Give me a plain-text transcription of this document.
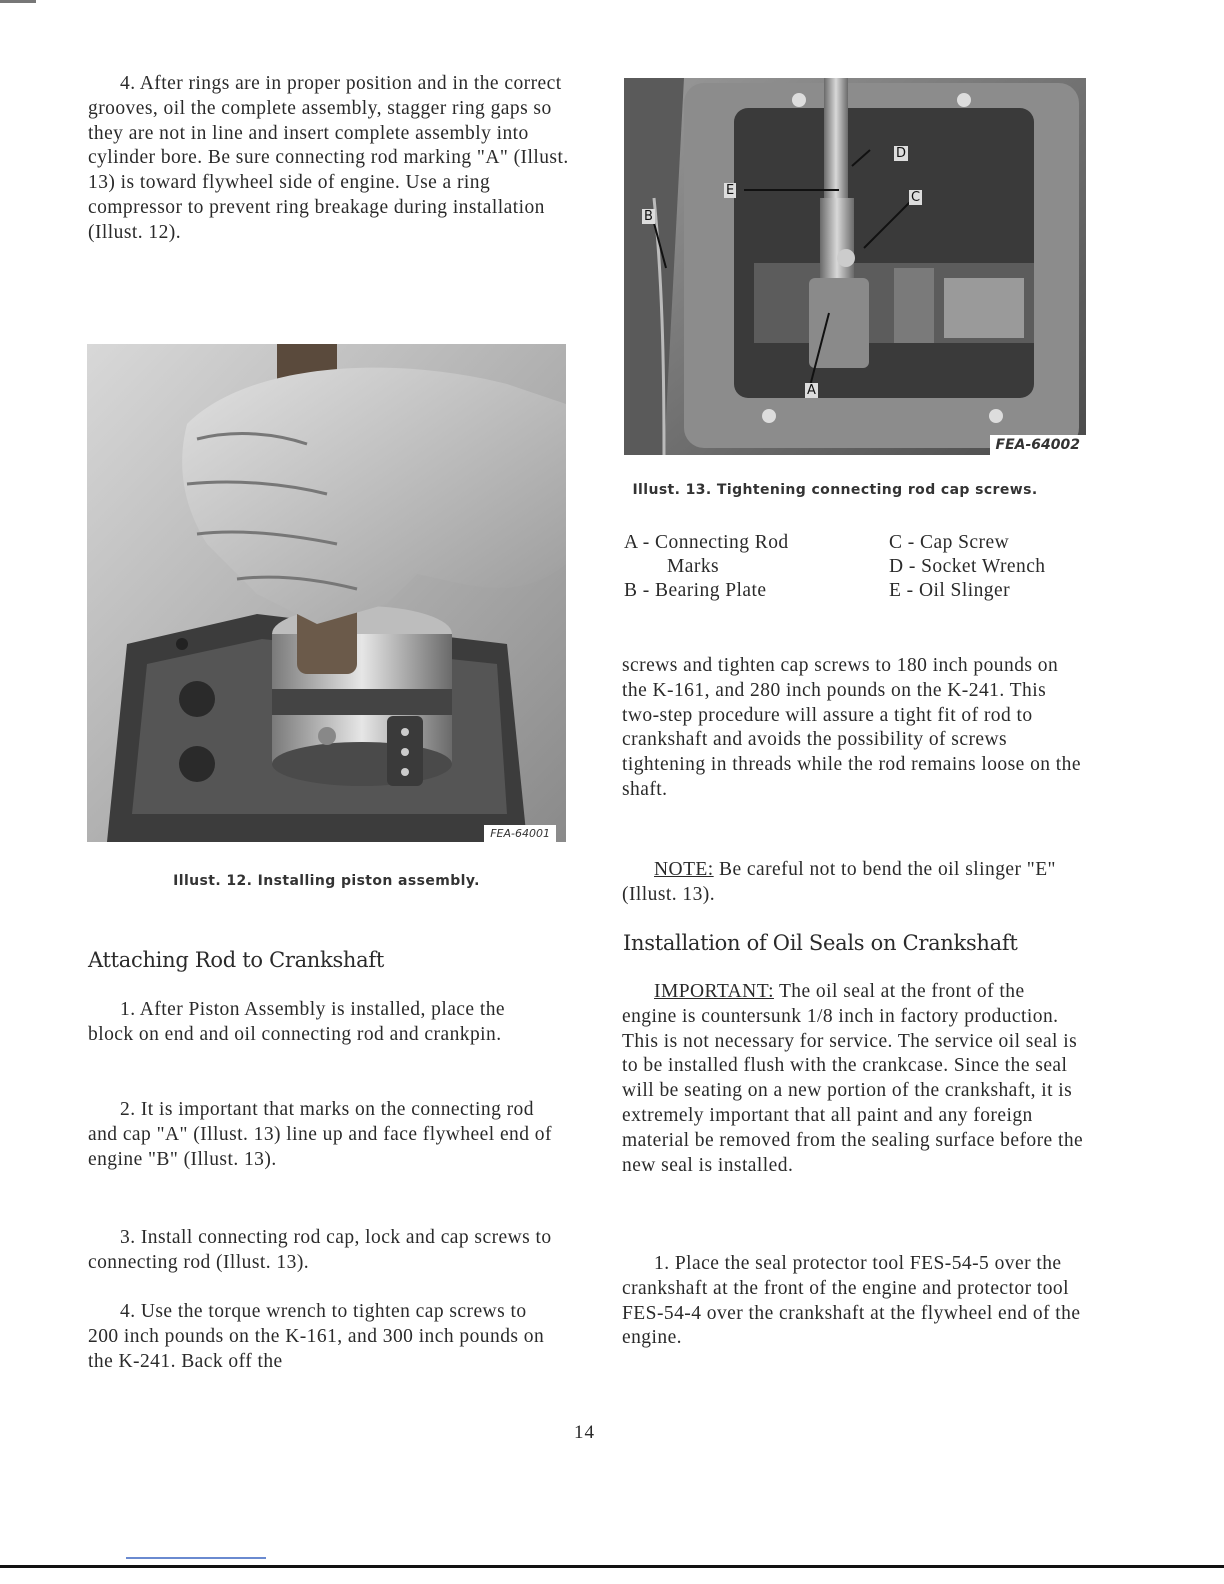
4. After rings are in proper position and in the correct grooves, oil the complete assembly, stagger ring gaps so they are not in line and insert complete assembly into cylinder bore. Be sure connecting rod marking "A" (Illust. 13) is toward flywheel side of engine. Use a ring compressor to prevent ring breakage during installation (Illust. 12).

FEA-64001
Illust. 12. Installing piston assembly.
Attaching Rod to Crankshaft

1. After Piston Assembly is installed, place the block on end and oil connecting rod and crankpin.

2. It is important that marks on the connecting rod and cap "A" (Illust. 13) line up and face flywheel end of engine "B" (Illust. 13).

3. Install connecting rod cap, lock and cap screws to connecting rod (Illust. 13).

4. Use the torque wrench to tighten cap screws to 200 inch pounds on the K-161, and 300 inch pounds on the K-241. Back off the

A
B
C
D
E
FEA-64002
Illust. 13. Tightening connecting rod cap screws.
A - Connecting Rod
Marks
B - Bearing Plate
C - Cap Screw
D - Socket Wrench
E - Oil Slinger

screws and tighten cap screws to 180 inch pounds on the K-161, and 280 inch pounds on the K-241. This two-step procedure will assure a tight fit of rod to crankshaft and avoids the possibility of screws tightening in threads while the rod remains loose on the shaft.

NOTE: Be careful not to bend the oil slinger "E" (Illust. 13).

Installation of Oil Seals on Crankshaft

IMPORTANT: The oil seal at the front of the engine is countersunk 1/8 inch in factory production. This is not necessary for service. The service oil seal is to be installed flush with the crankcase. Since the seal will be seating on a new portion of the crankshaft, it is extremely important that all paint and any foreign material be removed from the sealing surface before the new seal is installed.

1. Place the seal protector tool FES-54-5 over the crankshaft at the front of the engine and protector tool FES-54-4 over the crankshaft at the flywheel end of the engine.

14
